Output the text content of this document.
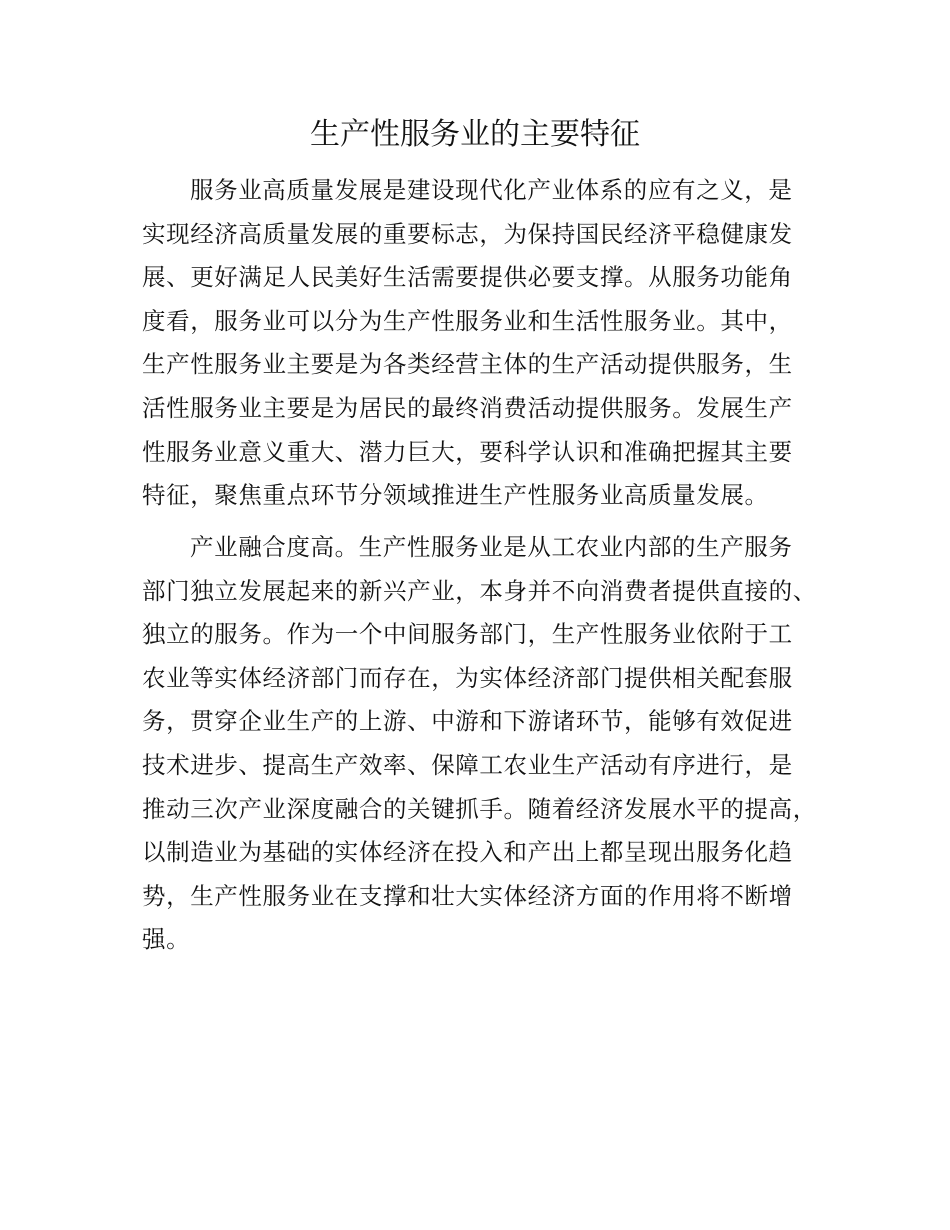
生产性服务业的主要特征
服务业高质量发展是建设现代化产业体系的应有之义，是
实现经济高质量发展的重要标志，为保持国民经济平稳健康发
展、更好满足人民美好生活需要提供必要支撑。从服务功能角
度看，服务业可以分为生产性服务业和生活性服务业。其中，
生产性服务业主要是为各类经营主体的生产活动提供服务，生
活性服务业主要是为居民的最终消费活动提供服务。发展生产
性服务业意义重大、潜力巨大，要科学认识和准确把握其主要
特征，聚焦重点环节分领域推进生产性服务业高质量发展。
产业融合度高。生产性服务业是从工农业内部的生产服务
部门独立发展起来的新兴产业，本身并不向消费者提供直接的、
独立的服务。作为一个中间服务部门，生产性服务业依附于工
农业等实体经济部门而存在，为实体经济部门提供相关配套服
务，贯穿企业生产的上游、中游和下游诸环节，能够有效促进
技术进步、提高生产效率、保障工农业生产活动有序进行，是
推动三次产业深度融合的关键抓手。随着经济发展水平的提高，
以制造业为基础的实体经济在投入和产出上都呈现出服务化趋
势，生产性服务业在支撑和壮大实体经济方面的作用将不断增
强。
